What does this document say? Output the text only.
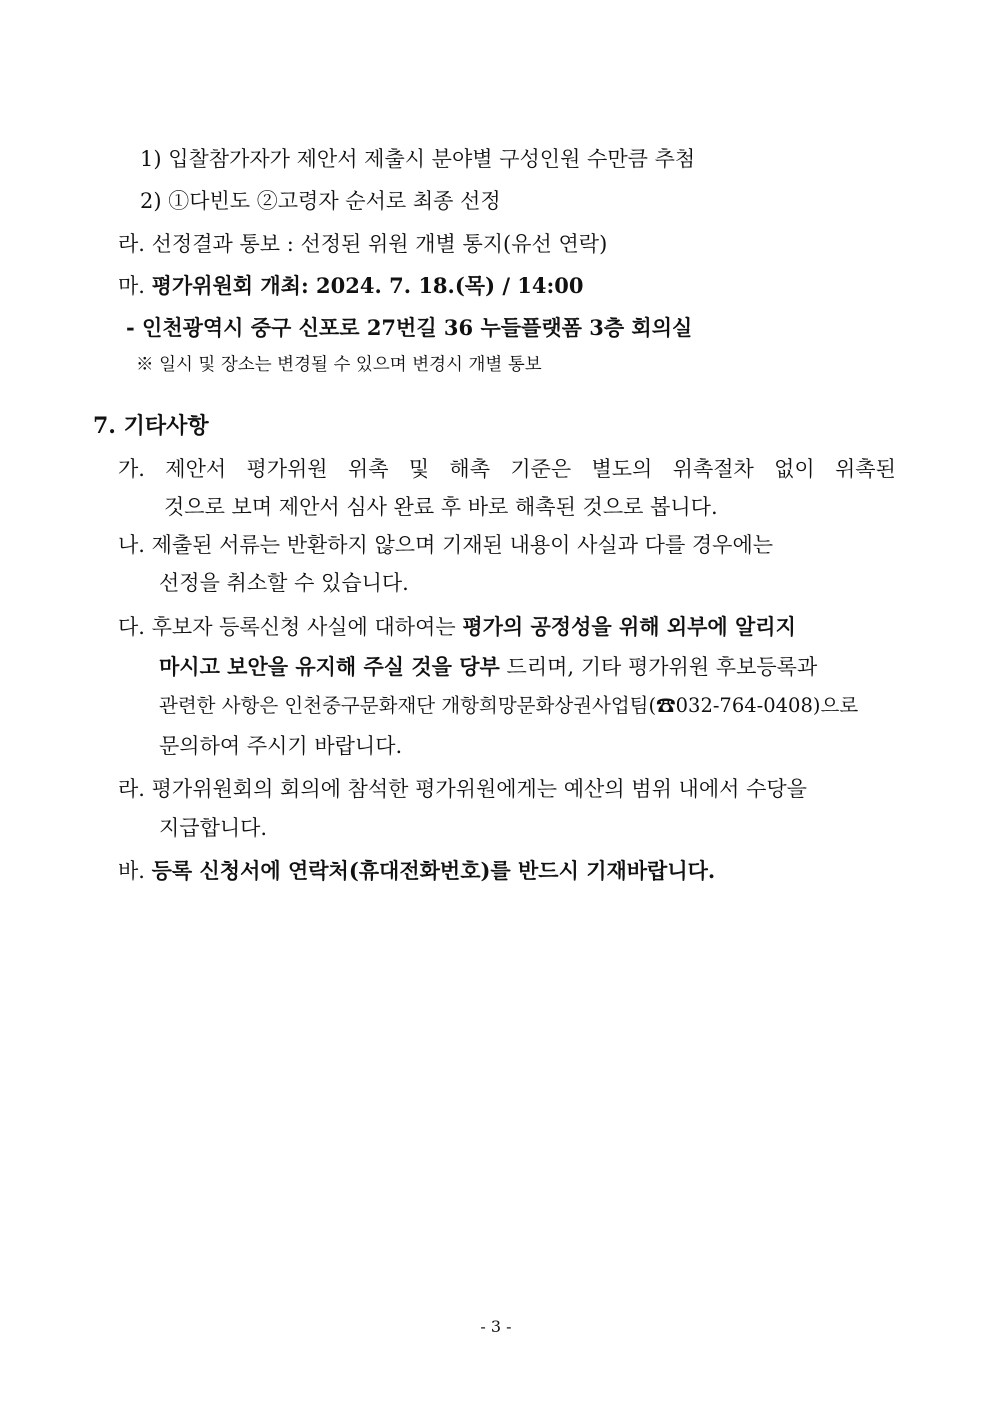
1) 입찰참가자가 제안서 제출시 분야별 구성인원 수만큼 추첨
2) ①다빈도 ②고령자 순서로 최종 선정
라. 선정결과 통보 : 선정된 위원 개별 통지(유선 연락)
마. 평가위원회 개최: 2024. 7. 18.(목) / 14:00
- 인천광역시 중구 신포로 27번길 36 누들플랫폼 3층 회의실
※ 일시 및 장소는 변경될 수 있으며 변경시 개별 통보
7. 기타사항
가. 제안서 평가위원 위촉 및 해촉 기준은 별도의 위촉절차 없이 위촉된
것으로 보며 제안서 심사 완료 후 바로 해촉된 것으로 봅니다.
나. 제출된 서류는 반환하지 않으며 기재된 내용이 사실과 다를 경우에는
선정을 취소할 수 있습니다.
다. 후보자 등록신청 사실에 대하여는 평가의 공정성을 위해 외부에 알리지
마시고 보안을 유지해 주실 것을 당부 드리며, 기타 평가위원 후보등록과
관련한 사항은 인천중구문화재단 개항희망문화상권사업팀(☎032-764-0408)으로
문의하여 주시기 바랍니다.
라. 평가위원회의 회의에 참석한 평가위원에게는 예산의 범위 내에서 수당을
지급합니다.
바. 등록 신청서에 연락처(휴대전화번호)를 반드시 기재바랍니다.
- 3 -
